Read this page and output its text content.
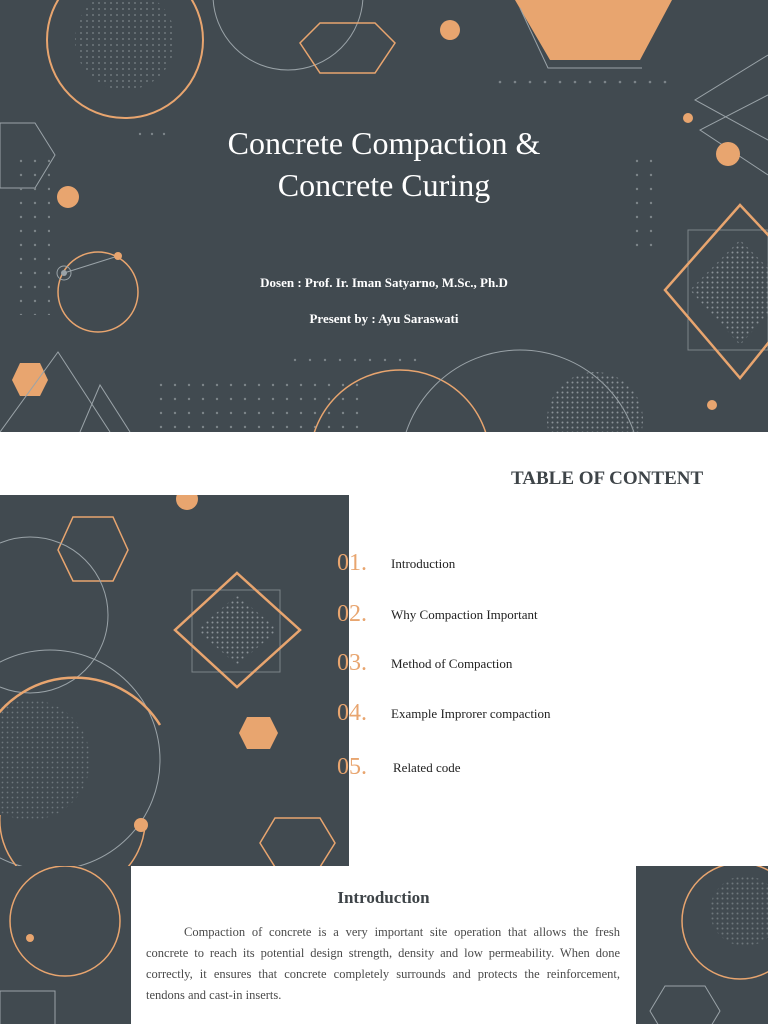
Concrete Compaction &
Concrete Curing
Dosen : Prof. Ir. Iman Satyarno, M.Sc., Ph.D
Present by : Ayu Saraswati
TABLE OF CONTENT
01. Introduction
02. Why Compaction Important
03. Method of Compaction
04. Example Improrer compaction
05. Related code
Introduction

Compaction of concrete is a very important site operation that allows the fresh concrete to reach its potential design strength, density and low permeability. When done correctly, it ensures that concrete completely surrounds and protects the reinforcement, tendons and cast-in inserts.
